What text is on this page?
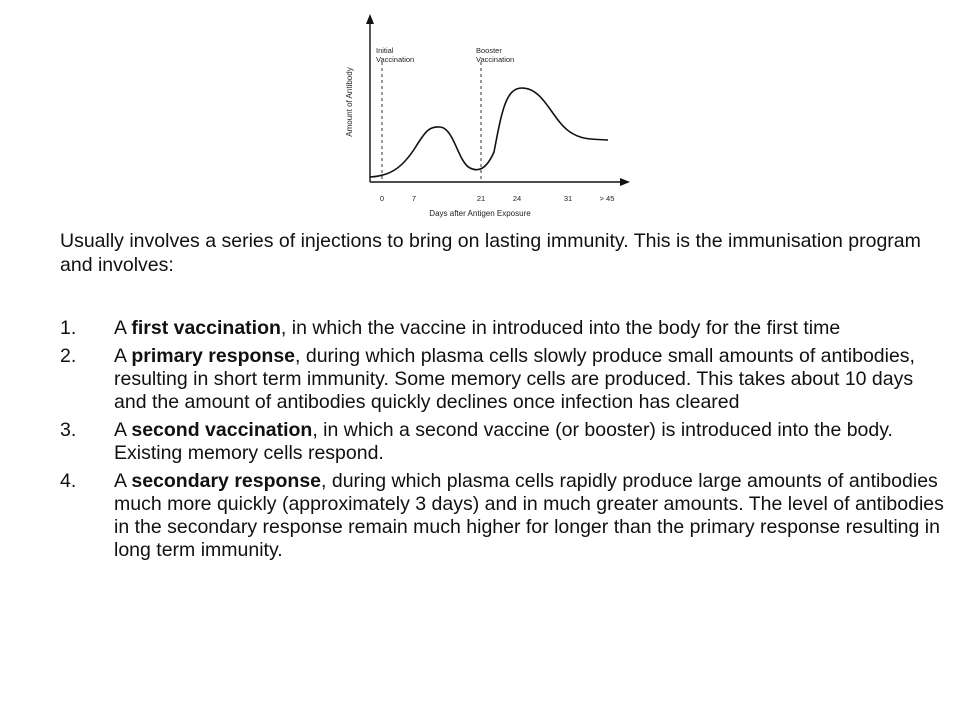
Initial
Vaccination
Booster
Vaccination
Amount of Antibody
0	7	21	24	31	> 45
Days after Antigen Exposure

Usually involves a series of injections to bring on lasting immunity. This is the immunisation program and involves:

1. A first vaccination, in which the vaccine in introduced into the body for the first time
2. A primary response, during which plasma cells slowly produce small amounts of antibodies, resulting in short term immunity. Some memory cells are produced. This takes about 10 days and the amount of antibodies quickly declines once infection has cleared
3. A second vaccination, in which a second vaccine (or booster) is introduced into the body. Existing memory cells respond.
4. A secondary response, during which plasma cells rapidly produce large amounts of antibodies much more quickly (approximately 3 days) and in much greater amounts. The level of antibodies in the secondary response remain much higher for longer than the primary response resulting in long term immunity.
